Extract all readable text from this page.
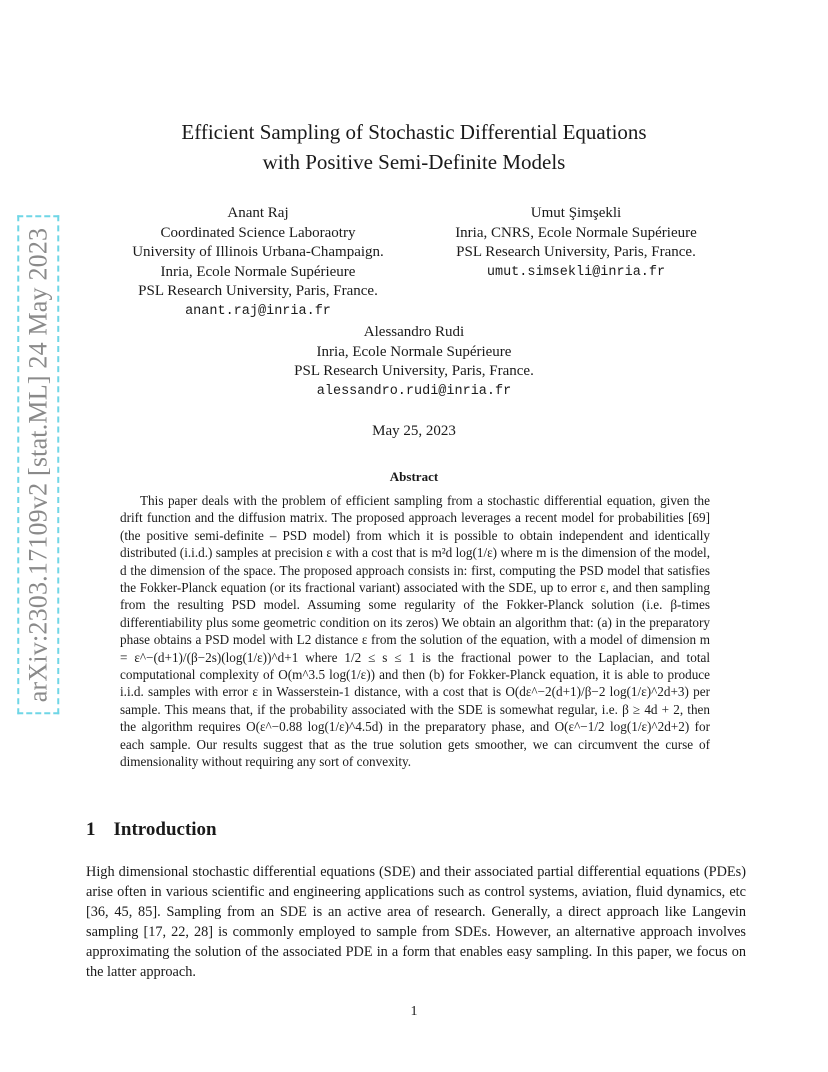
arXiv:2303.17109v2 [stat.ML] 24 May 2023
Efficient Sampling of Stochastic Differential Equations
with Positive Semi-Definite Models
Anant Raj
Coordinated Science Laboraotry
University of Illinois Urbana-Champaign.
Inria, Ecole Normale Supérieure
PSL Research University, Paris, France.
anant.raj@inria.fr
Umut Şimşekli
Inria, CNRS, Ecole Normale Supérieure
PSL Research University, Paris, France.
umut.simsekli@inria.fr
Alessandro Rudi
Inria, Ecole Normale Supérieure
PSL Research University, Paris, France.
alessandro.rudi@inria.fr
May 25, 2023
Abstract

This paper deals with the problem of efficient sampling from a stochastic differential equation, given the drift function and the diffusion matrix. The proposed approach leverages a recent model for probabilities [69] (the positive semi-definite – PSD model) from which it is possible to obtain independent and identically distributed (i.i.d.) samples at precision ε with a cost that is m²d log(1/ε) where m is the dimension of the model, d the dimension of the space. The proposed approach consists in: first, computing the PSD model that satisfies the Fokker-Planck equation (or its fractional variant) associated with the SDE, up to error ε, and then sampling from the resulting PSD model. Assuming some regularity of the Fokker-Planck solution (i.e. β-times differentiability plus some geometric condition on its zeros) We obtain an algorithm that: (a) in the preparatory phase obtains a PSD model with L2 distance ε from the solution of the equation, with a model of dimension m = ε^−(d+1)/(β−2s)(log(1/ε))^d+1 where 1/2 ≤ s ≤ 1 is the fractional power to the Laplacian, and total computational complexity of O(m^3.5 log(1/ε)) and then (b) for Fokker-Planck equation, it is able to produce i.i.d. samples with error ε in Wasserstein-1 distance, with a cost that is O(dε^−2(d+1)/β−2 log(1/ε)^2d+3) per sample. This means that, if the probability associated with the SDE is somewhat regular, i.e. β ≥ 4d + 2, then the algorithm requires O(ε^−0.88 log(1/ε)^4.5d) in the preparatory phase, and O(ε^−1/2 log(1/ε)^2d+2) for each sample. Our results suggest that as the true solution gets smoother, we can circumvent the curse of dimensionality without requiring any sort of convexity.

1 Introduction

High dimensional stochastic differential equations (SDE) and their associated partial differential equations (PDEs) arise often in various scientific and engineering applications such as control systems, aviation, fluid dynamics, etc [36, 45, 85]. Sampling from an SDE is an active area of research. Generally, a direct approach like Langevin sampling [17, 22, 28] is commonly employed to sample from SDEs. However, an alternative approach involves approximating the solution of the associated PDE in a form that enables easy sampling. In this paper, we focus on the latter approach.

1
